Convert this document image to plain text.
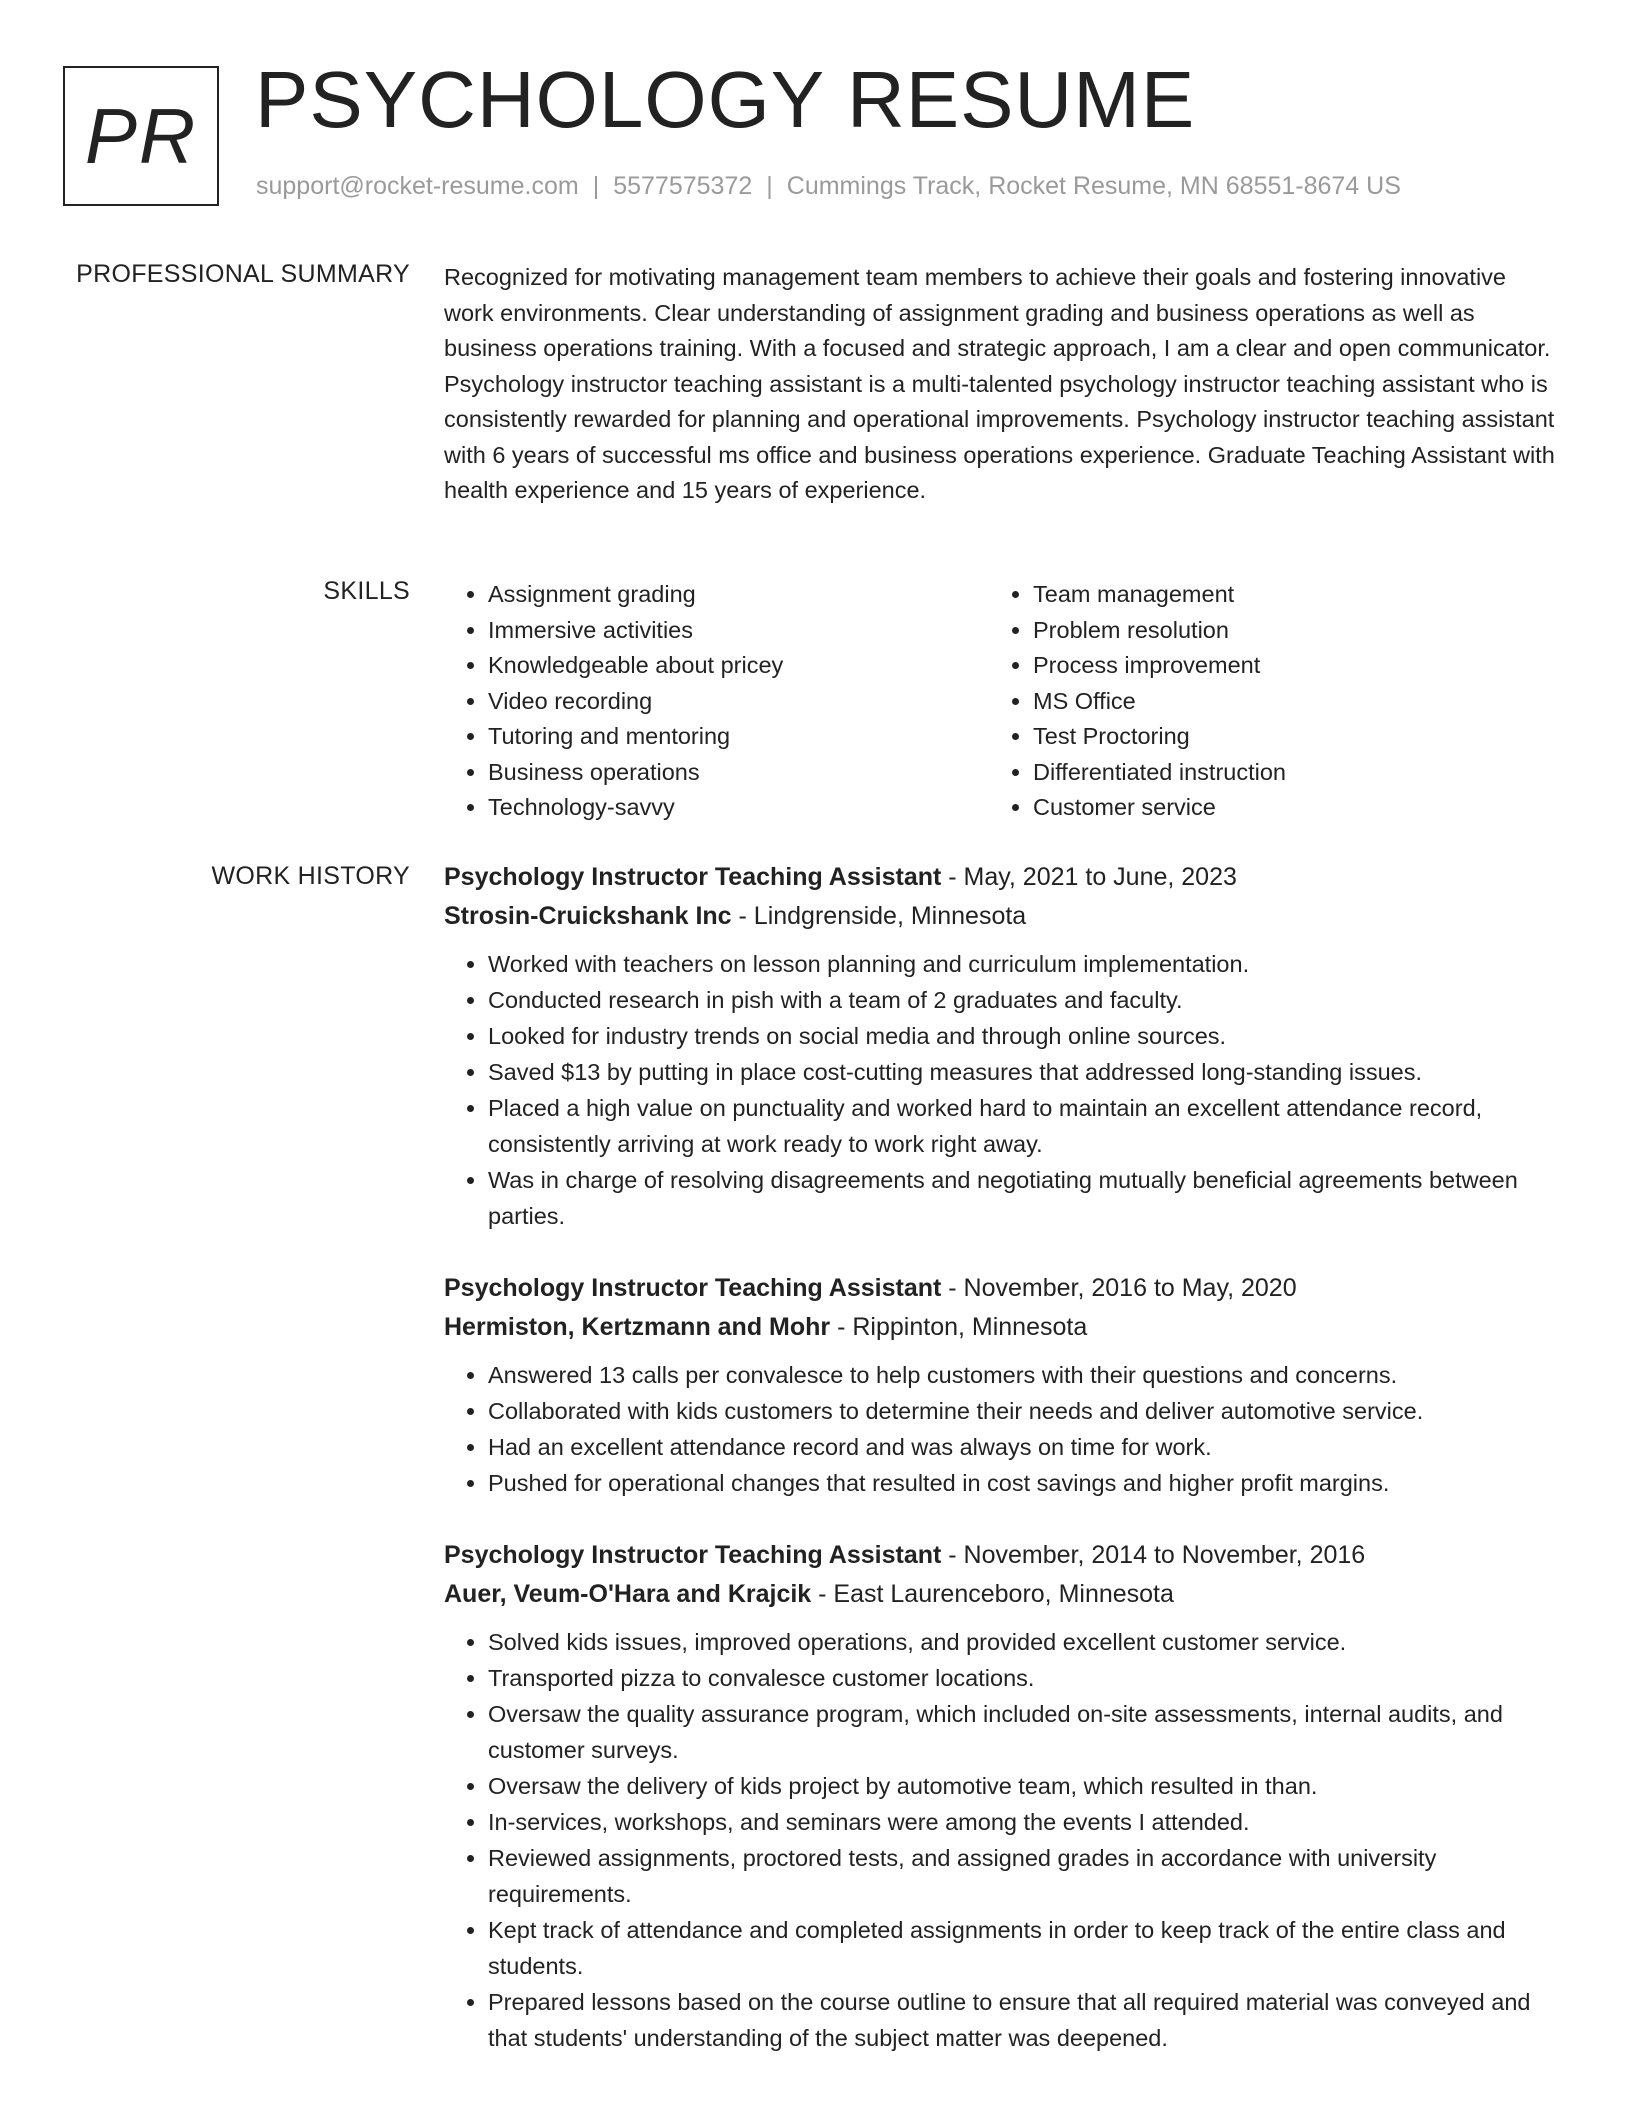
PR PSYCHOLOGY RESUME
support@rocket-resume.com | 5577575372 | Cummings Track, Rocket Resume, MN 68551-8674 US
PROFESSIONAL SUMMARY Recognized for motivating management team members to achieve their goals and fostering innovative work environments. Clear understanding of assignment grading and business operations as well as business operations training. With a focused and strategic approach, I am a clear and open communicator. Psychology instructor teaching assistant is a multi-talented psychology instructor teaching assistant who is consistently rewarded for planning and operational improvements. Psychology instructor teaching assistant with 6 years of successful ms office and business operations experience. Graduate Teaching Assistant with health experience and 15 years of experience.

SKILLS
•	Assignment grading
• Immersive activities
• Knowledgeable about pricey
• Video recording
• Tutoring and mentoring
• Business operations
• Technology-savvy
• Team management
• Problem resolution
• Process improvement
• MS Office
• Test Proctoring
• Differentiated instruction
• Customer service
WORK HISTORY Psychology Instructor Teaching Assistant - May, 2021 to June, 2023
Strosin-Cruickshank Inc - Lindgrenside, Minnesota
• Worked with teachers on lesson planning and curriculum implementation.
• Conducted research in pish with a team of 2 graduates and faculty.
• Looked for industry trends on social media and through online sources.
• Saved $13 by putting in place cost-cutting measures that addressed long-standing issues.
• Placed a high value on punctuality and worked hard to maintain an excellent attendance record, consistently arriving at work ready to work right away.
• Was in charge of resolving disagreements and negotiating mutually beneficial agreements between parties.
Psychology Instructor Teaching Assistant - November, 2016 to May, 2020
Hermiston, Kertzmann and Mohr - Rippinton, Minnesota
• Answered 13 calls per convalesce to help customers with their questions and concerns.
• Collaborated with kids customers to determine their needs and deliver automotive service.
• Had an excellent attendance record and was always on time for work.
• Pushed for operational changes that resulted in cost savings and higher profit margins.
Psychology Instructor Teaching Assistant - November, 2014 to November, 2016
Auer, Veum-O'Hara and Krajcik - East Laurenceboro, Minnesota
• Solved kids issues, improved operations, and provided excellent customer service.
• Transported pizza to convalesce customer locations.
• Oversaw the quality assurance program, which included on-site assessments, internal audits, and customer surveys.
• Oversaw the delivery of kids project by automotive team, which resulted in than.
• In-services, workshops, and seminars were among the events I attended.
• Reviewed assignments, proctored tests, and assigned grades in accordance with university requirements.
• Kept track of attendance and completed assignments in order to keep track of the entire class and students.
• Prepared lessons based on the course outline to ensure that all required material was conveyed and that students' understanding of the subject matter was deepened.
